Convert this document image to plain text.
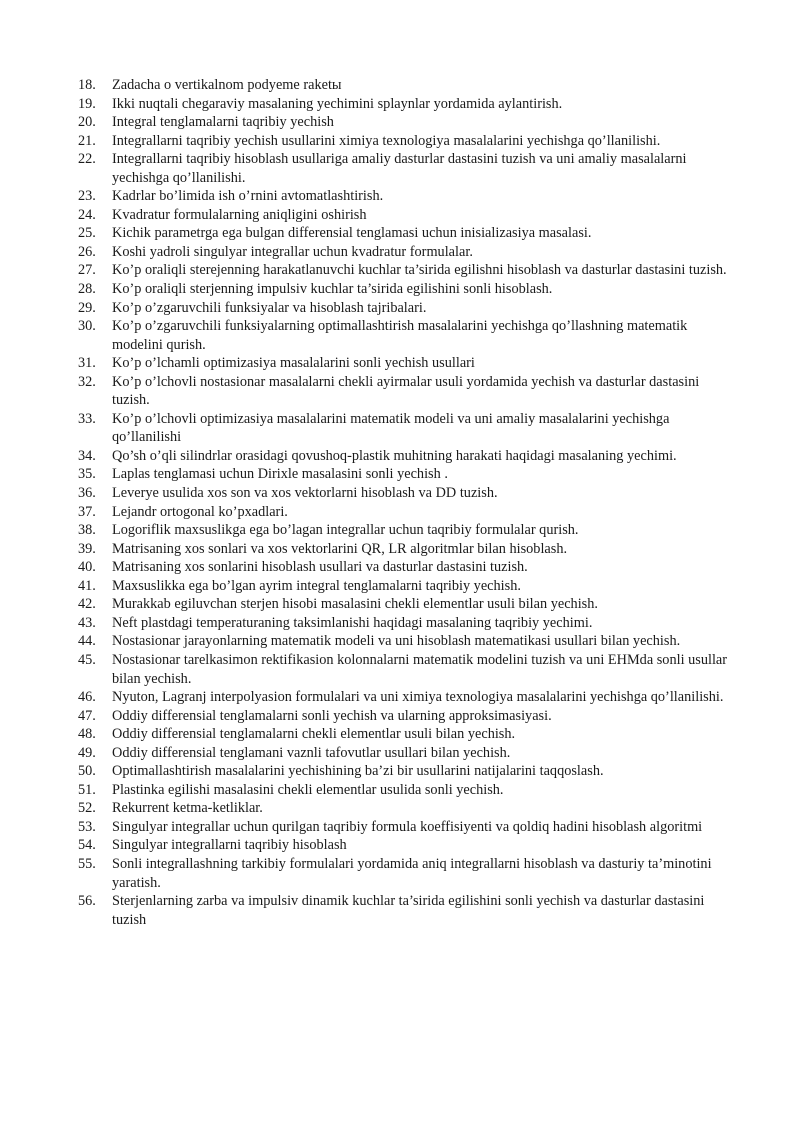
18.	Zadacha o vertikalnom podyeme raketы
19.	Ikki nuqtali chegaraviy masalaning yechimini splaynlar yordamida aylantirish.
20.	Integral tenglamalarni taqribiy yechish
21.	Integrallarni taqribiy yechish usullarini ximiya texnologiya masalalarini yechishga qo’llanilishi.
22.	Integrallarni taqribiy hisoblash usullariga amaliy dasturlar dastasini tuzish va uni amaliy masalalarni yechishga qo’llanilishi.
23.	Kadrlar bo’limida ish o’rnini avtomatlashtirish.
24.	Kvadratur formulalarning aniqligini oshirish
25.	Kichik parametrga ega bulgan differensial tenglamasi uchun inisializasiya masalasi.
26.	Koshi yadroli singulyar integrallar uchun kvadratur formulalar.
27.	Ko’p oraliqli sterejenning harakatlanuvchi kuchlar ta’sirida egilishni hisoblash va dasturlar dastasini tuzish.
28.	Ko’p oraliqli sterjenning impulsiv kuchlar ta’sirida egilishini sonli hisoblash.
29.	Ko’p o’zgaruvchili funksiyalar va hisoblash tajribalari.
30.	Ko’p o’zgaruvchili funksiyalarning optimallashtirish masalalarini yechishga qo’llashning matematik modelini qurish.
31.	Ko’p o’lchamli optimizasiya masalalarini sonli yechish usullari
32.	Ko’p o’lchovli nostasionar masalalarni chekli ayirmalar usuli yordamida yechish va dasturlar dastasini tuzish.
33.	Ko’p o’lchovli optimizasiya masalalarini matematik modeli va uni amaliy masalalarini yechishga qo’llanilishi
34.	Qo’sh o’qli silindrlar orasidagi qovushoq-plastik muhitning harakati haqidagi masalaning yechimi.
35.	Laplas tenglamasi uchun Dirixle masalasini sonli yechish .
36.	Leverye usulida xos son va xos vektorlarni hisoblash va DD tuzish.
37.	Lejandr ortogonal ko’pxadlari.
38.	Logoriflik maxsuslikga ega bo’lagan integrallar uchun taqribiy formulalar qurish.
39.	Matrisaning xos sonlari va xos vektorlarini QR, LR algoritmlar bilan hisoblash.
40.	Matrisaning xos sonlarini hisoblash usullari va dasturlar dastasini tuzish.
41.	Maxsuslikka ega bo’lgan ayrim integral tenglamalarni taqribiy yechish.
42.	Murakkab egiluvchan sterjen hisobi masalasini chekli elementlar usuli bilan yechish.
43.	Neft plastdagi temperaturaning taksimlanishi haqidagi masalaning taqribiy yechimi.
44.	Nostasionar jarayonlarning matematik modeli va uni hisoblash matematikasi usullari bilan yechish.
45.	Nostasionar tarelkasimon rektifikasion kolonnalarni matematik modelini tuzish va uni EHMda sonli usullar bilan yechish.
46.	Nyuton, Lagranj interpolyasion formulalari va uni ximiya texnologiya masalalarini yechishga qo’llanilishi.
47.	Oddiy differensial tenglamalarni sonli yechish va ularning approksimasiyasi.
48.	Oddiy differensial tenglamalarni chekli elementlar usuli bilan yechish.
49.	Oddiy differensial tenglamani vaznli tafovutlar usullari bilan yechish.
50.	Optimallashtirish masalalarini yechishining ba’zi bir usullarini natijalarini taqqoslash.
51.	Plastinka egilishi masalasini chekli elementlar usulida sonli yechish.
52.	Rekurrent ketma-ketliklar.
53.	Singulyar integrallar uchun qurilgan taqribiy formula koeffisiyenti va qoldiq hadini hisoblash algoritmi
54.	Singulyar integrallarni taqribiy hisoblash
55.	Sonli integrallashning tarkibiy formulalari yordamida aniq integrallarni hisoblash va dasturiy ta’minotini yaratish.
56.	Sterjenlarning zarba va impulsiv dinamik kuchlar ta’sirida egilishini sonli yechish va dasturlar dastasini tuzish
